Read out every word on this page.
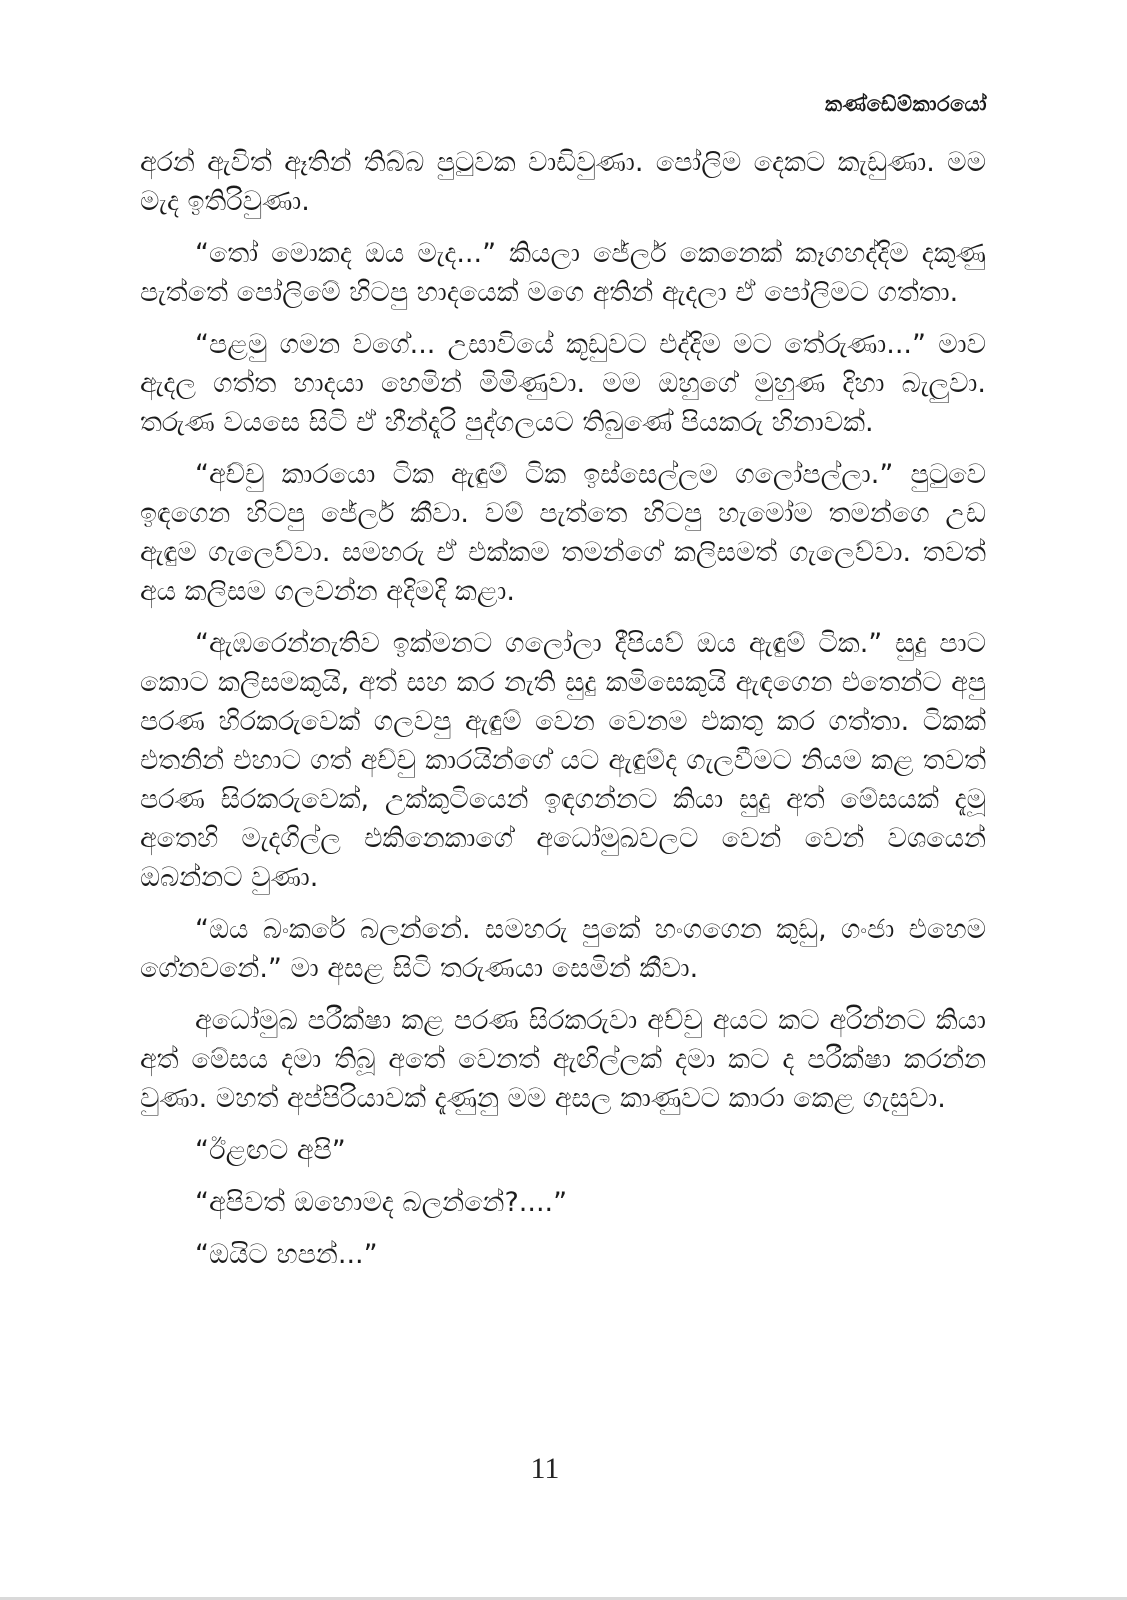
කණ්ඩේම්කාරයෝ

අරන් ඇවිත් ඈතින් තිබ්බ පුටුවක වාඩිවුණා. පෝලිම දෙකට කැඩුණා. මම මැද ඉතිරිවුණා.

“තෝ මොකද ඔය මැද...” කියලා ජේලර් කෙනෙක් කෑගහද්දිම දකුණු පැත්තේ පෝලිමේ හිටපු හාදයෙක් මගෙ අතින් ඇදලා ඒ පෝලිමට ගත්තා.

“පළමු ගමන වගේ... උසාවියේ කූඩුවට එද්දිම මට තේරුණා...” මාව ඇදල ගත්ත හාදයා හෙමින් මිමිණුවා. මම ඔහුගේ මුහුණ දිහා බැලුවා. තරුණ වයසෙ සිටි ඒ හීන්දෑරි පුද්ගලයට තිබුණේ පියකරු හිනාවක්.

“අච්චු කාරයො ටික ඇඳුම් ටික ඉස්සෙල්ලම ගලෝපල්ලා.” පුටුවෙ ඉඳගෙන හිටපු ජේලර් කීවා. වම් පැත්තෙ හිටපු හැමෝම තමන්ගෙ උඩ ඇඳුම ගැලෙව්වා. සමහරු ඒ එක්කම තමන්ගේ කලිසමත් ගැලෙව්වා. තවත් අය කලිසම ගලවන්න අදිමදි කළා.

“ඇඹරෙන්නැතිව ඉක්මනට ගලෝලා දීපියව් ඔය ඇඳුම් ටික.” සුදු පාට කොට කලිසමකුයි, අත් සහ කර නැති සුදු කමිසෙකුයි ඇඳගෙන එතෙන්ට අපු පරණ හිරකරුවෙක් ගලවපු ඇඳුම් වෙන වෙනම එකතු කර ගත්තා. ටිකක් එතනින් එහාට ගත් අච්චු කාරයින්ගේ යට ඇඳුම්ද ගැලවීමට නියම කළ තවත් පරණ සිරකරුවෙක්, උක්කුටියෙන් ඉඳගන්නට කියා සුදු අත් මේසයක් දැමූ අතෙහි මැදගිල්ල එකිනෙකාගේ අධෝමුඛවලට වෙන් වෙන් වශයෙන් ඔබන්නට වුණා.

“ඔය බංකරේ බලන්නේ. සමහරු පුකේ හංගගෙන කුඩු, ගංජා එහෙම ගේනවනේ.” මා අසළ සිටි තරුණයා සෙමින් කීවා.

අධෝමුඛ පරීක්ෂා කළ පරණ සිරකරුවා අච්චු අයට කට අරින්නට කියා අත් මේසය දමා තිබූ අතේ වෙනත් ඇඟිල්ලක් දමා කට ද පරීක්ෂා කරන්න වුණා. මහත් අප්පිරියාවක් දැණුනු මම අසල කාණුවට කාරා කෙළ ගැසුවා.

“ඊළඟට අපි”

“අපිවත් ඔහොමද බලන්නේ?....”

“ඔයිට හපන්...”

11
